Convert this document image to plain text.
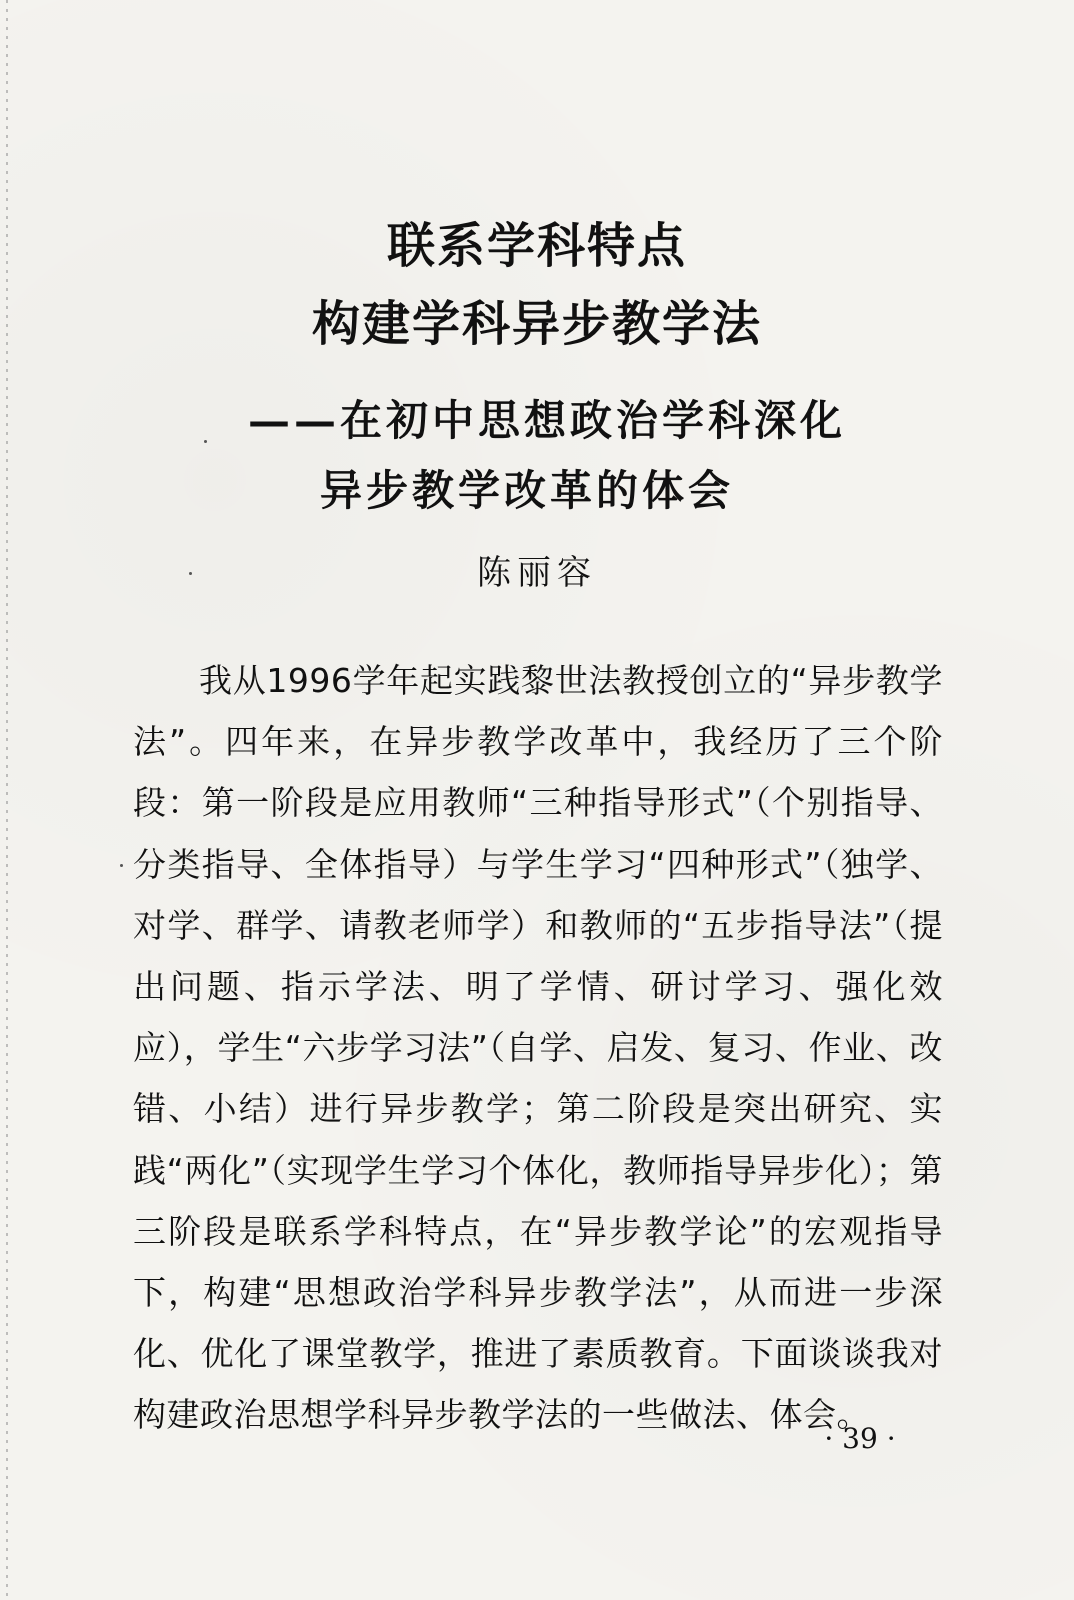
联系学科特点
构建学科异步教学法
——在初中思想政治学科深化
异步教学改革的体会

陈丽容

我从1996学年起实践黎世法教授创立的“异步教学法”。四年来，在异步教学改革中，我经历了三个阶段：第一阶段是应用教师“三种指导形式”（个别指导、分类指导、全体指导）与学生学习“四种形式”（独学、对学、群学、请教老师学）和教师的“五步指导法”（提出问题、指示学法、明了学情、研讨学习、强化效应），学生“六步学习法”（自学、启发、复习、作业、改错、小结）进行异步教学；第二阶段是突出研究、实践“两化”（实现学生学习个体化，教师指导异步化）；第三阶段是联系学科特点，在“异步教学论”的宏观指导下，构建“思想政治学科异步教学法”，从而进一步深化、优化了课堂教学，推进了素质教育。下面谈谈我对构建政治思想学科异步教学法的一些做法、体会。

· 39 ·
